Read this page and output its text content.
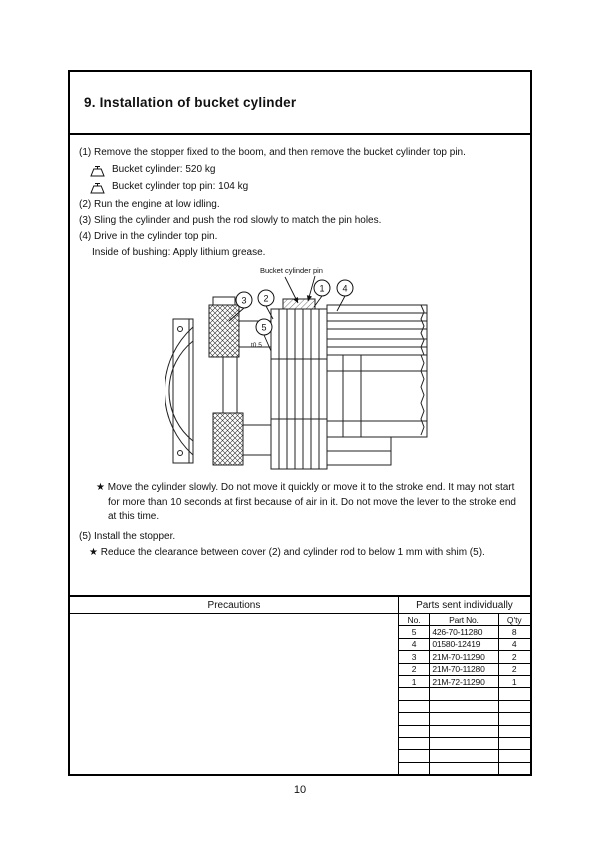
9. Installation of bucket cylinder
(1) Remove the stopper fixed to the boom, and then remove the bucket cylinder top pin.
Bucket cylinder: 520 kg
Bucket cylinder top pin: 104 kg
(2) Run the engine at low idling.
(3) Sling the cylinder and push the rod slowly to match the pin holes.
(4) Drive in the cylinder top pin.
Inside of bushing: Apply lithium grease.
3 2
1 4
5
Bucket cylinder pin
t0.5
★ Move the cylinder slowly. Do not move it quickly or move it to the stroke end. It may not start for more than 10 seconds at first because of air in it. Do not move the lever to the stroke end at this time.
(5) Install the stopper.
★ Reduce the clearance between cover (2) and cylinder rod to below 1 mm with shim (5).
Precautions	Parts sent individually
No.	Part No.	Q'ty
5	426-70-11280	8
4	01580-12419	4
3	21M-70-11290	2
2	21M-70-11280	2
1	21M-72-11290	1
10
